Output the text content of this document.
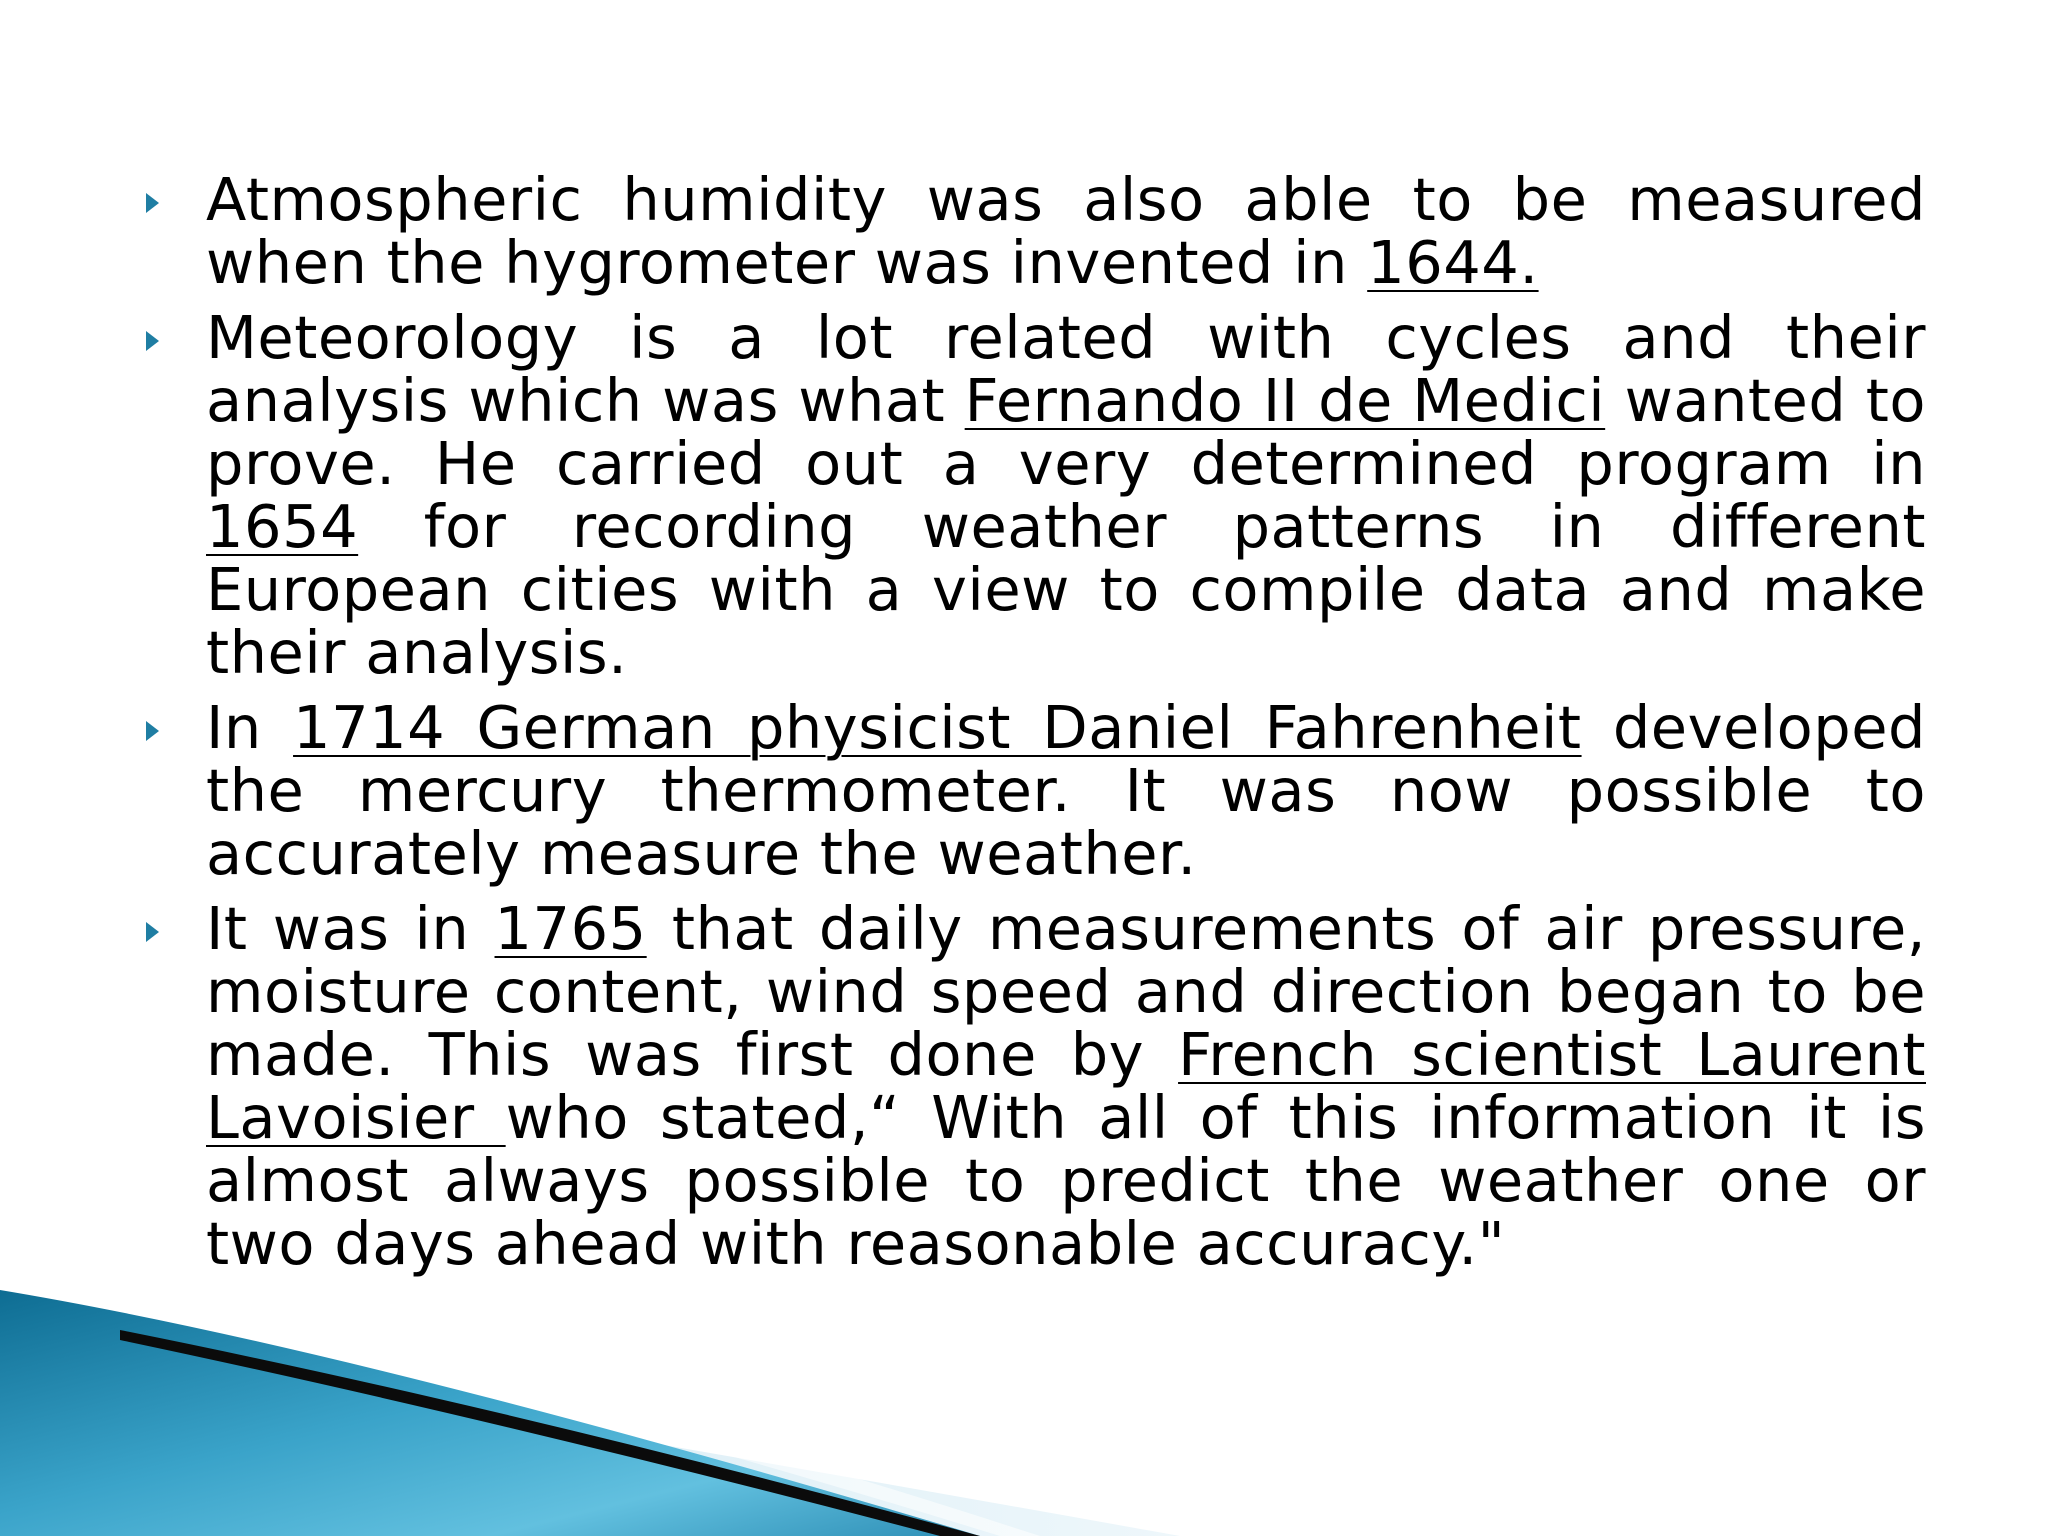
Atmospheric humidity was also able to be measured when the hygrometer was invented in 1644.
Meteorology is a lot related with cycles and their analysis which was what Fernando II de Medici wanted to prove. He carried out a very determined program in 1654 for recording weather patterns in different European cities with a view to compile data and make their analysis.
In 1714 German physicist Daniel Fahrenheit developed the mercury thermometer. It was now possible to accurately measure the weather.
It was in 1765 that daily measurements of air pressure, moisture content, wind speed and direction began to be made. This was first done by French scientist Laurent Lavoisier who stated,“ With all of this information it is almost always possible to predict the weather one or two days ahead with reasonable accuracy."
